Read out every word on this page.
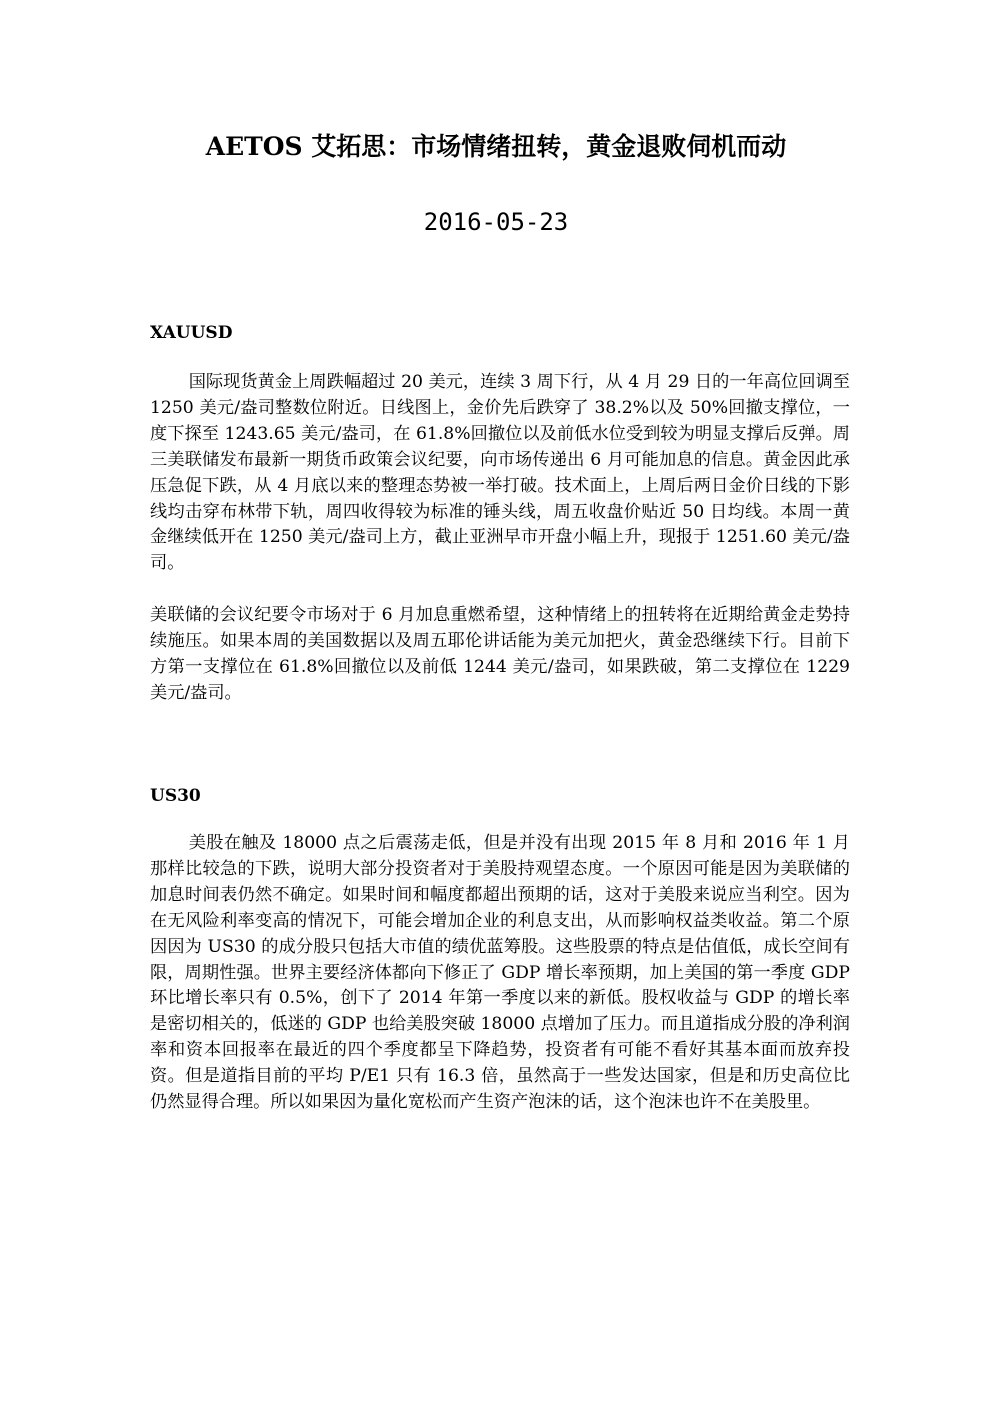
AETOS 艾拓思：市场情绪扭转，黄金退败伺机而动
2016-05-23
XAUUSD

国际现货黄金上周跌幅超过 20 美元，连续 3 周下行，从 4 月 29 日的一年高位回调至 1250 美元/盎司整数位附近。日线图上，金价先后跌穿了 38.2%以及 50%回撤支撑位，一度下探至 1243.65 美元/盎司，在 61.8%回撤位以及前低水位受到较为明显支撑后反弹。周三美联储发布最新一期货币政策会议纪要，向市场传递出 6 月可能加息的信息。黄金因此承压急促下跌，从 4 月底以来的整理态势被一举打破。技术面上，上周后两日金价日线的下影线均击穿布林带下轨，周四收得较为标准的锤头线，周五收盘价贴近 50 日均线。本周一黄金继续低开在 1250 美元/盎司上方，截止亚洲早市开盘小幅上升，现报于 1251.60 美元/盎司。

美联储的会议纪要令市场对于 6 月加息重燃希望，这种情绪上的扭转将在近期给黄金走势持续施压。如果本周的美国数据以及周五耶伦讲话能为美元加把火，黄金恐继续下行。目前下方第一支撑位在 61.8%回撤位以及前低 1244 美元/盎司，如果跌破，第二支撑位在 1229 美元/盎司。

US30

美股在触及 18000 点之后震荡走低，但是并没有出现 2015 年 8 月和 2016 年 1 月那样比较急的下跌，说明大部分投资者对于美股持观望态度。一个原因可能是因为美联储的加息时间表仍然不确定。如果时间和幅度都超出预期的话，这对于美股来说应当利空。因为在无风险利率变高的情况下，可能会增加企业的利息支出，从而影响权益类收益。第二个原因因为 US30 的成分股只包括大市值的绩优蓝筹股。这些股票的特点是估值低，成长空间有限，周期性强。世界主要经济体都向下修正了 GDP 增长率预期，加上美国的第一季度 GDP 环比增长率只有 0.5%，创下了 2014 年第一季度以来的新低。股权收益与 GDP 的增长率是密切相关的，低迷的 GDP 也给美股突破 18000 点增加了压力。而且道指成分股的净利润率和资本回报率在最近的四个季度都呈下降趋势，投资者有可能不看好其基本面而放弃投资。但是道指目前的平均 P/E1 只有 16.3 倍，虽然高于一些发达国家，但是和历史高位比仍然显得合理。所以如果因为量化宽松而产生资产泡沫的话，这个泡沫也许不在美股里。
